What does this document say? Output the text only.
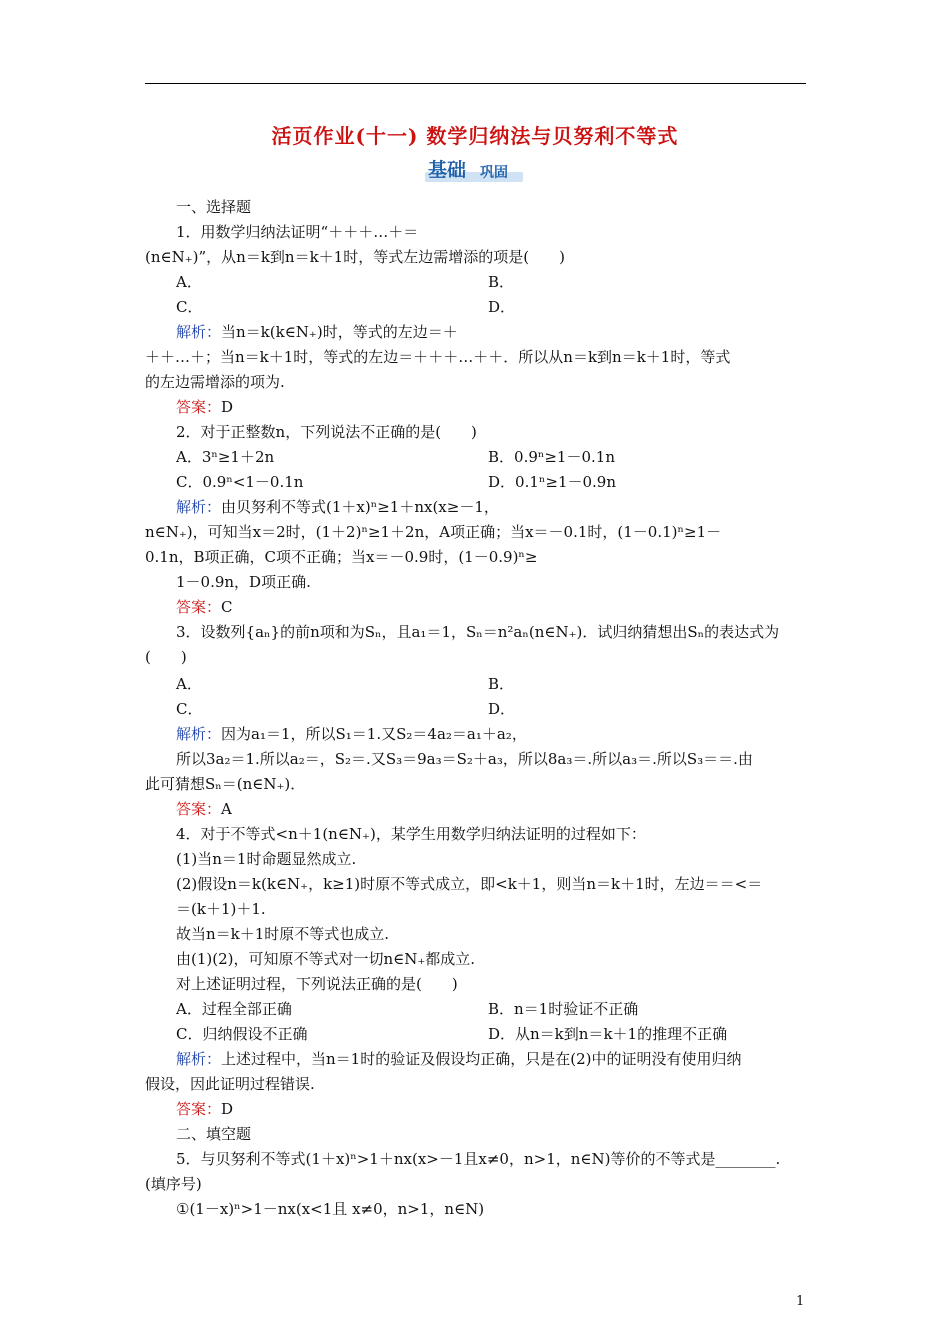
活页作业(十一) 数学归纳法与贝努利不等式
基础 巩固
一、选择题
1．用数学归纳法证明“＋＋＋…＋＝
(n∈N₊)”，从n＝k到n＝k＋1时，等式左边需增添的项是(　　)
A．	B．
C．	D．
解析：当n＝k(k∈N₊)时，等式的左边＝＋
＋＋…＋；当n＝k＋1时，等式的左边＝＋＋＋…＋＋．所以从n＝k到n＝k＋1时，等式
的左边需增添的项为.
答案：D
2．对于正整数n，下列说法不正确的是(　　)
A．3ⁿ≥1＋2n	B．0.9ⁿ≥1－0.1n
C．0.9ⁿ<1－0.1n	D．0.1ⁿ≥1－0.9n
解析：由贝努利不等式(1＋x)ⁿ≥1＋nx(x≥－1，
n∈N₊)，可知当x＝2时，(1＋2)ⁿ≥1＋2n，A项正确；当x＝－0.1时，(1－0.1)ⁿ≥1－
0.1n，B项正确，C项不正确；当x＝－0.9时，(1－0.9)ⁿ≥
1－0.9n，D项正确.
答案：C
3．设数列{aₙ}的前n项和为Sₙ，且a₁＝1，Sₙ＝n²aₙ(n∈N₊)．试归纳猜想出Sₙ的表达式为
(　　)
A．	B．
C．	D．
解析：因为a₁＝1，所以S₁＝1.又S₂＝4a₂＝a₁＋a₂，
所以3a₂＝1.所以a₂＝，S₂＝.又S₃＝9a₃＝S₂＋a₃，所以8a₃＝.所以a₃＝.所以S₃＝＝.由
此可猜想Sₙ＝(n∈N₊)．
答案：A
4．对于不等式<n＋1(n∈N₊)，某学生用数学归纳法证明的过程如下：
(1)当n＝1时命题显然成立.
(2)假设n＝k(k∈N₊，k≥1)时原不等式成立，即<k＋1，则当n＝k＋1时，左边＝＝<＝
＝(k＋1)＋1.
故当n＝k＋1时原不等式也成立.
由(1)(2)，可知原不等式对一切n∈N₊都成立.
对上述证明过程，下列说法正确的是(　　)
A．过程全部正确	B．n＝1时验证不正确
C．归纳假设不正确	D．从n＝k到n＝k＋1的推理不正确
解析：上述过程中，当n＝1时的验证及假设均正确，只是在(2)中的证明没有使用归纳
假设，因此证明过程错误.
答案：D
二、填空题
5．与贝努利不等式(1＋x)ⁿ>1＋nx(x>－1且x≠0，n>1，n∈N)等价的不等式是________.
(填序号)
①(1－x)ⁿ>1－nx(x<1且 x≠0，n>1，n∈N)
1
